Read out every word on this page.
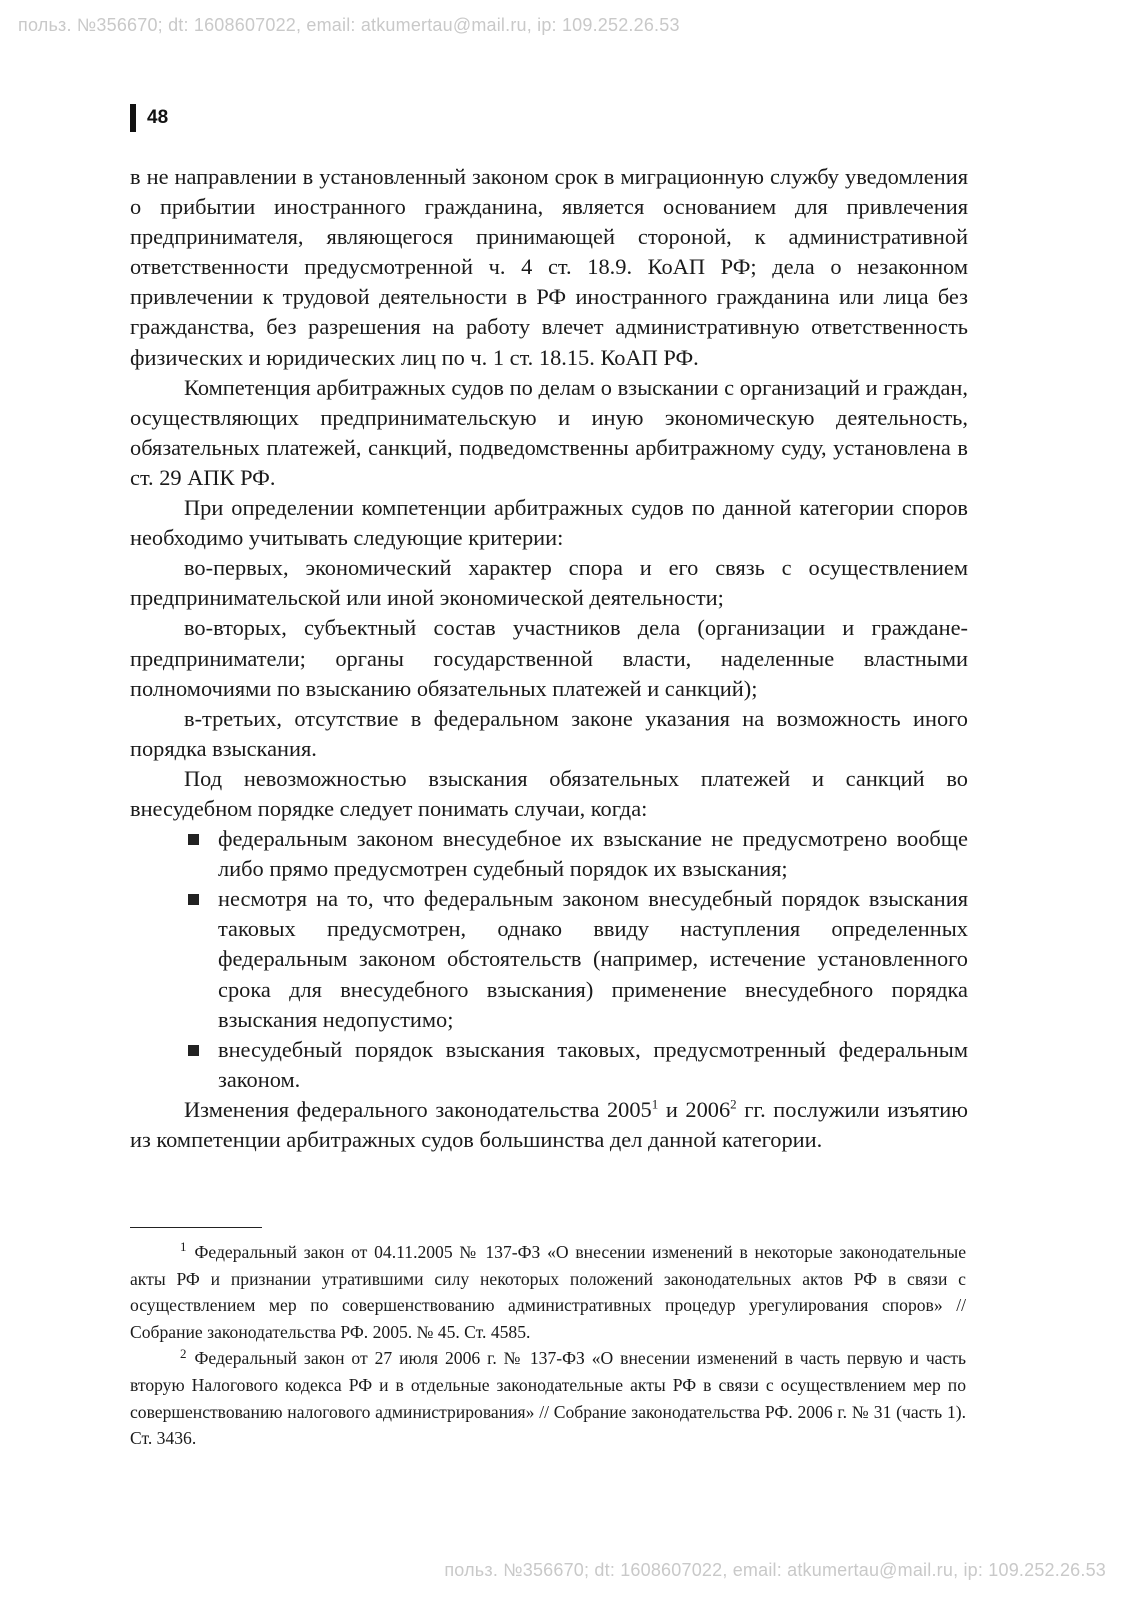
польз. №356670; dt: 1608607022, email: atkumertau@mail.ru, ip: 109.252.26.53
48

в не направлении в установленный законом срок в миграционную службу уведомления о прибытии иностранного гражданина, является основанием для привлечения предпринимателя, являющегося принимающей стороной, к административной ответственности предусмотренной ч. 4 ст. 18.9. КоАП РФ; дела о незаконном привлечении к трудовой деятельности в РФ иностранного гражданина или лица без гражданства, без разрешения на работу влечет административную ответственность физических и юридических лиц по ч. 1 ст. 18.15. КоАП РФ.

Компетенция арбитражных судов по делам о взыскании с организаций и граждан, осуществляющих предпринимательскую и иную экономическую деятельность, обязательных платежей, санкций, подведомственны арбитражному суду, установлена в ст. 29 АПК РФ.

При определении компетенции арбитражных судов по данной категории споров необходимо учитывать следующие критерии:

во-первых, экономический характер спора и его связь с осуществлением предпринимательской или иной экономической деятельности;

во-вторых, субъектный состав участников дела (организации и граждане-предприниматели; органы государственной власти, наделенные властными полномочиями по взысканию обязательных платежей и санкций);

в-третьих, отсутствие в федеральном законе указания на возможность иного порядка взыскания.

Под невозможностью взыскания обязательных платежей и санкций во внесудебном порядке следует понимать случаи, когда:

федеральным законом внесудебное их взыскание не предусмотрено вообще либо прямо предусмотрен судебный порядок их взыскания;
несмотря на то, что федеральным законом внесудебный порядок взыскания таковых предусмотрен, однако ввиду наступления определенных федеральным законом обстоятельств (например, истечение установленного срока для внесудебного взыскания) применение внесудебного порядка взыскания недопустимо;
внесудебный порядок взыскания таковых, предусмотренный федеральным законом.

Изменения федерального законодательства 2005$^1$ и 2006$^2$ гг. послужили изъятию из компетенции арбитражных судов большинства дел данной категории.

$^1$ Федеральный закон от 04.11.2005 № 137-ФЗ «О внесении изменений в некоторые законодательные акты РФ и признании утратившими силу некоторых положений законодательных актов РФ в связи с осуществлением мер по совершенствованию административных процедур урегулирования споров» // Собрание законодательства РФ. 2005. № 45. Ст. 4585.

$^2$ Федеральный закон от 27 июля 2006 г. № 137-ФЗ «О внесении изменений в часть первую и часть вторую Налогового кодекса РФ и в отдельные законодательные акты РФ в связи с осуществлением мер по совершенствованию налогового администрирования» // Собрание законодательства РФ. 2006 г. № 31 (часть 1). Ст. 3436.

польз. №356670; dt: 1608607022, email: atkumertau@mail.ru, ip: 109.252.26.53
